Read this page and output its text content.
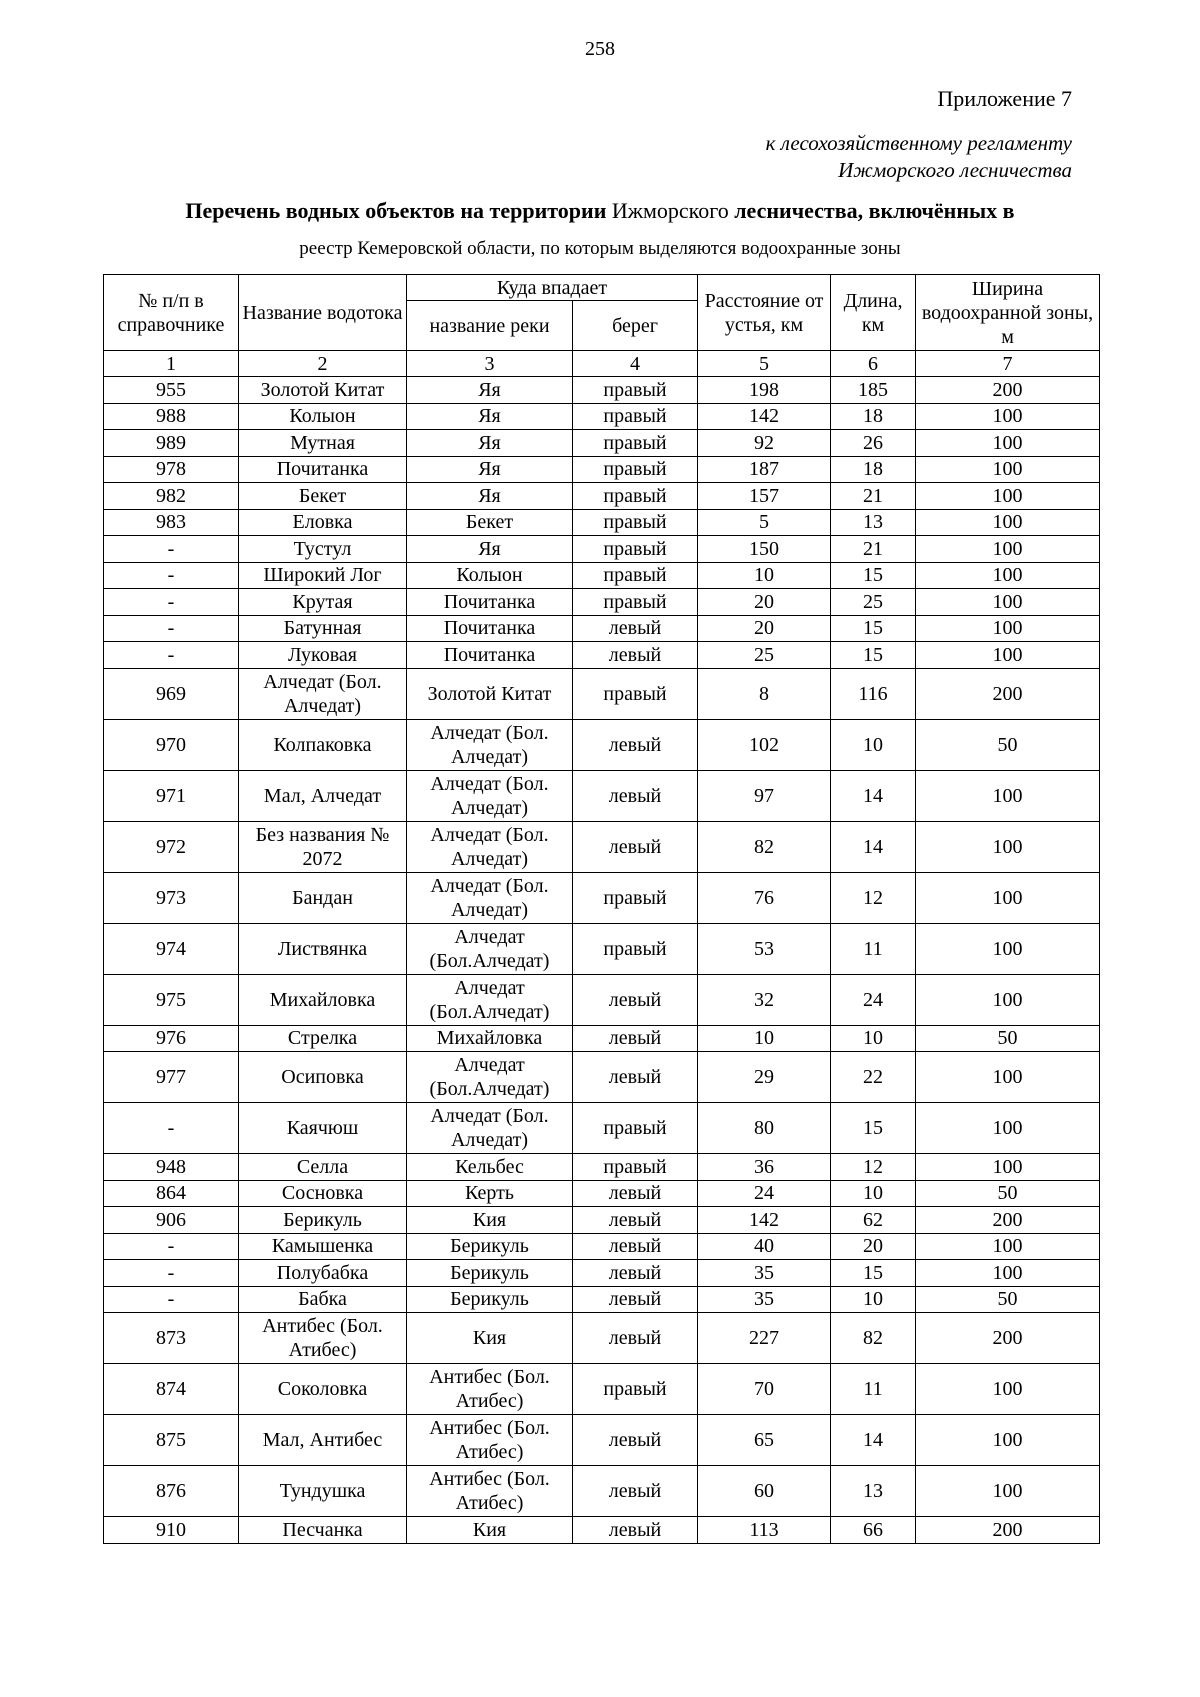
258
Приложение 7
к лесохозяйственному регламенту
Ижморского лесничества
Перечень водных объектов на территории Ижморского лесничества, включённых в
реестр Кемеровской области, по которым выделяются водоохранные зоны
№ п/п в справочнике	Название водотока	Куда впадает		Расстояние от устья, км	Длина, км	Ширина водоохранной зоны, м
		название реки	берег			
1	2	3	4	5	6	7
955	Золотой Китат	Яя	правый	198	185	200
988	Колыон	Яя	правый	142	18	100
989	Мутная	Яя	правый	92	26	100
978	Почитанка	Яя	правый	187	18	100
982	Бекет	Яя	правый	157	21	100
983	Еловка	Бекет	правый	5	13	100
-	Тустул	Яя	правый	150	21	100
-	Широкий Лог	Колыон	правый	10	15	100
-	Крутая	Почитанка	правый	20	25	100
-	Батунная	Почитанка	левый	20	15	100
-	Луковая	Почитанка	левый	25	15	100
969	Алчедат (Бол. Алчедат)	Золотой Китат	правый	8	116	200
970	Колпаковка	Алчедат (Бол. Алчедат)	левый	102	10	50
971	Мал, Алчедат	Алчедат (Бол. Алчедат)	левый	97	14	100
972	Без названия № 2072	Алчедат (Бол. Алчедат)	левый	82	14	100
973	Бандан	Алчедат (Бол. Алчедат)	правый	76	12	100
974	Листвянка	Алчедат (Бол.Алчедат)	правый	53	11	100
975	Михайловка	Алчедат (Бол.Алчедат)	левый	32	24	100
976	Стрелка	Михайловка	левый	10	10	50
977	Осиповка	Алчедат (Бол.Алчедат)	левый	29	22	100
-	Каячюш	Алчедат (Бол. Алчедат)	правый	80	15	100
948	Селла	Кельбес	правый	36	12	100
864	Сосновка	Керть	левый	24	10	50
906	Берикуль	Кия	левый	142	62	200
-	Камышенка	Берикуль	левый	40	20	100
-	Полубабка	Берикуль	левый	35	15	100
-	Бабка	Берикуль	левый	35	10	50
873	Антибес (Бол. Атибес)	Кия	левый	227	82	200
874	Соколовка	Антибес (Бол. Атибес)	правый	70	11	100
875	Мал, Антибес	Антибес (Бол. Атибес)	левый	65	14	100
876	Тундушка	Антибес (Бол. Атибес)	левый	60	13	100
910	Песчанка	Кия	левый	113	66	200
